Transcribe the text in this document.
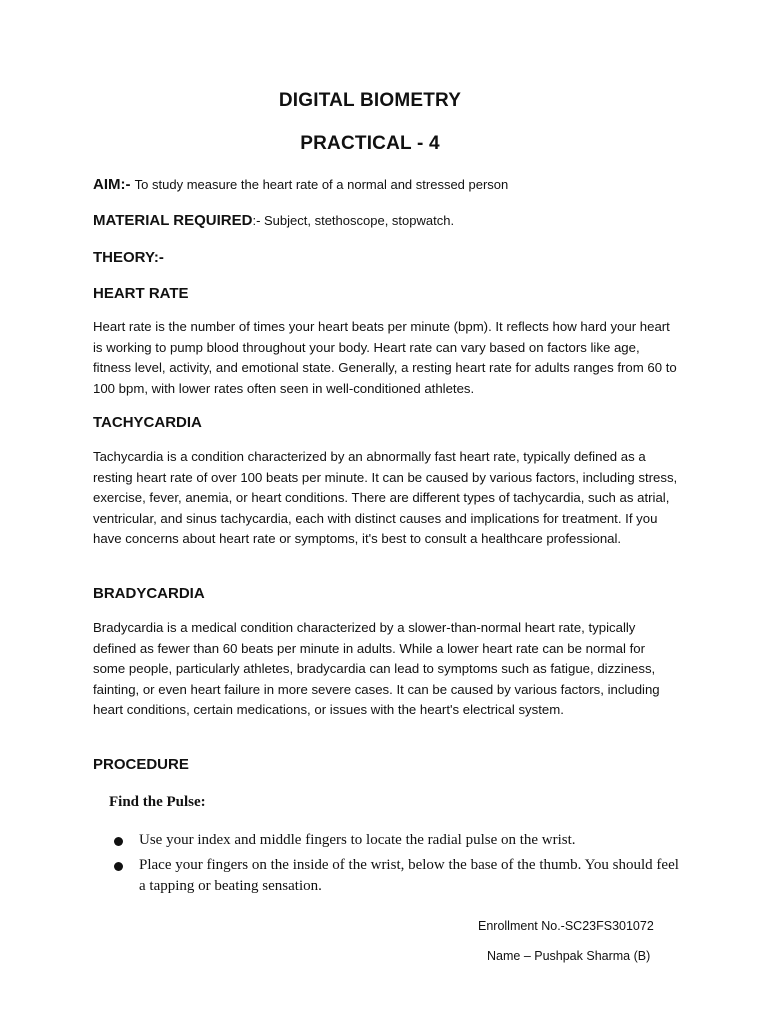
DIGITAL BIOMETRY
PRACTICAL - 4

AIM:- To study measure the heart rate of a normal and stressed person

MATERIAL REQUIRED:- Subject, stethoscope, stopwatch.

THEORY:-
HEART RATE

Heart rate is the number of times your heart beats per minute (bpm). It reflects how hard your heart is working to pump blood throughout your body. Heart rate can vary based on factors like age, fitness level, activity, and emotional state. Generally, a resting heart rate for adults ranges from 60 to 100 bpm, with lower rates often seen in well-conditioned athletes.

TACHYCARDIA

Tachycardia is a condition characterized by an abnormally fast heart rate, typically defined as a resting heart rate of over 100 beats per minute. It can be caused by various factors, including stress, exercise, fever, anemia, or heart conditions. There are different types of tachycardia, such as atrial, ventricular, and sinus tachycardia, each with distinct causes and implications for treatment. If you have concerns about heart rate or symptoms, it's best to consult a healthcare professional.

BRADYCARDIA

Bradycardia is a medical condition characterized by a slower-than-normal heart rate, typically defined as fewer than 60 beats per minute in adults. While a lower heart rate can be normal for some people, particularly athletes, bradycardia can lead to symptoms such as fatigue, dizziness, fainting, or even heart failure in more severe cases. It can be caused by various factors, including heart conditions, certain medications, or issues with the heart's electrical system.

PROCEDURE

Find the Pulse:

Use your index and middle fingers to locate the radial pulse on the wrist.
Place your fingers on the inside of the wrist, below the base of the thumb. You should feel a tapping or beating sensation.

Enrollment No.-SC23FS301072

Name – Pushpak Sharma (B)
